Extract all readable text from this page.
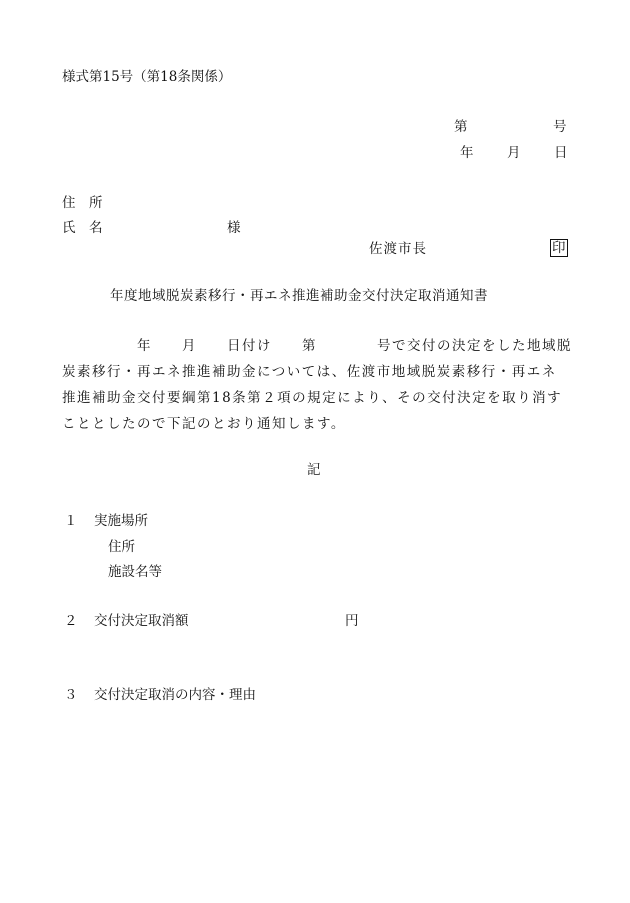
様式第15号（第18条関係）
第	号
年 月 日
住　所
氏　名	様
佐渡市長	印
年度地域脱炭素移行・再エネ推進補助金交付決定取消通知書
　　　　　年　　月　　日付け　　第　　　　号で交付の決定をした地域脱
炭素移行・再エネ推進補助金については、佐渡市地域脱炭素移行・再エネ
推進補助金交付要綱第18条第２項の規定により、その交付決定を取り消す
こととしたので下記のとおり通知します。
記
１ 実施場所
住所
施設名等
２ 交付決定取消額	円
３ 交付決定取消の内容・理由
